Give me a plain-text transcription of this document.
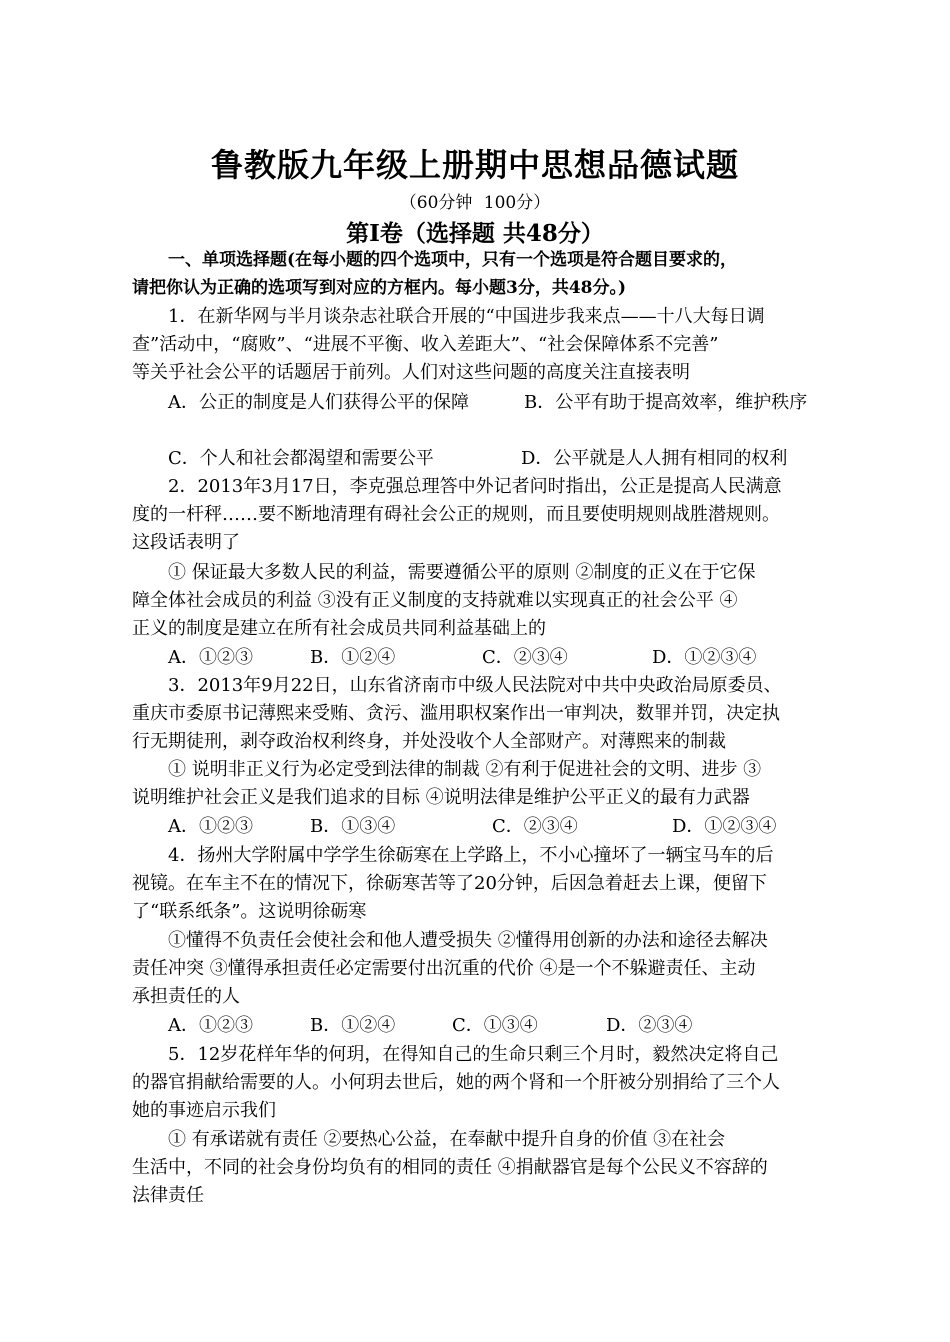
鲁教版九年级上册期中思想品德试题
（60分钟 100分）
第Ⅰ卷（选择题 共48分）
一、单项选择题(在每小题的四个选项中，只有一个选项是符合题目要求的，
请把你认为正确的选项写到对应的方框内。每小题3分，共48分。)
1．在新华网与半月谈杂志社联合开展的“中国进步我来点——十八大每日调
查”活动中，“腐败”、“进展不平衡、收入差距大”、“社会保障体系不完善”
等关乎社会公平的话题居于前列。人们对这些问题的高度关注直接表明
A．公正的制度是人们获得公平的保障	B．公平有助于提高效率，维护秩序
C．个人和社会都渴望和需要公平	D．公平就是人人拥有相同的权利
2．2013年3月17日，李克强总理答中外记者问时指出，公正是提高人民满意
度的一杆秤……要不断地清理有碍社会公正的规则，而且要使明规则战胜潜规则。
这段话表明了
① 保证最大多数人民的利益，需要遵循公平的原则 ②制度的正义在于它保
障全体社会成员的利益 ③没有正义制度的支持就难以实现真正的社会公平 ④
正义的制度是建立在所有社会成员共同利益基础上的
A．①②③	B．①②④	C．②③④	D．①②③④
3．2013年9月22日，山东省济南市中级人民法院对中共中央政治局原委员、
重庆市委原书记薄熙来受贿、贪污、滥用职权案作出一审判决，数罪并罚，决定执
行无期徒刑，剥夺政治权利终身，并处没收个人全部财产。对薄熙来的制裁
① 说明非正义行为必定受到法律的制裁 ②有利于促进社会的文明、进步 ③
说明维护社会正义是我们追求的目标 ④说明法律是维护公平正义的最有力武器
A．①②③	B．①③④	C．②③④	D．①②③④
4．扬州大学附属中学学生徐砺寒在上学路上，不小心撞坏了一辆宝马车的后
视镜。在车主不在的情况下，徐砺寒苦等了20分钟，后因急着赶去上课，便留下
了“联系纸条”。这说明徐砺寒
①懂得不负责任会使社会和他人遭受损失 ②懂得用创新的办法和途径去解决
责任冲突 ③懂得承担责任必定需要付出沉重的代价 ④是一个不躲避责任、主动
承担责任的人
A．①②③	B．①②④	C．①③④	D．②③④
5．12岁花样年华的何玥，在得知自己的生命只剩三个月时，毅然决定将自己
的器官捐献给需要的人。小何玥去世后，她的两个肾和一个肝被分别捐给了三个人
她的事迹启示我们
① 有承诺就有责任 ②要热心公益，在奉献中提升自身的价值 ③在社会
生活中，不同的社会身份均负有的相同的责任 ④捐献器官是每个公民义不容辞的
法律责任
